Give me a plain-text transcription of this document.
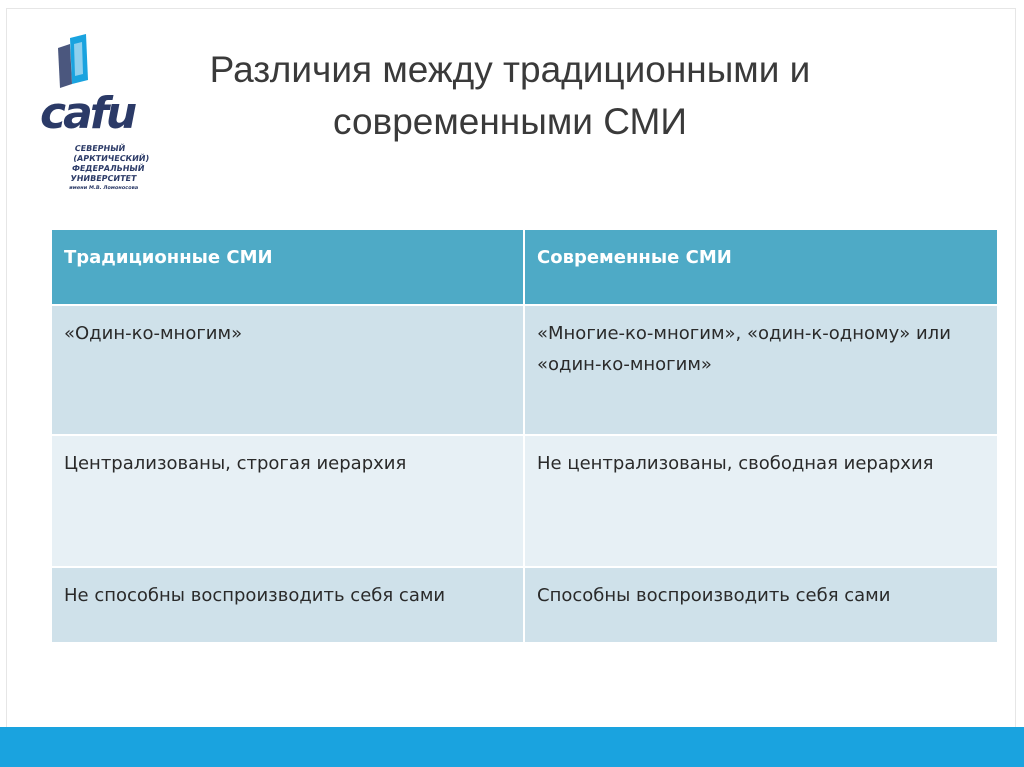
cafu
СЕВЕРНЫЙ
(АРКТИЧЕСКИЙ)
ФЕДЕРАЛЬНЫЙ
УНИВЕРСИТЕТ
имени М.В. Ломоносова
Различия между традиционными и современными СМИ
Традиционные СМИ	Современные СМИ
«Один-ко-многим»	«Многие-ко-многим», «один-к-одному» или «один-ко-многим»
Централизованы, строгая иерархия	Не централизованы, свободная иерархия
Не способны воспроизводить себя сами	Способны воспроизводить себя сами
